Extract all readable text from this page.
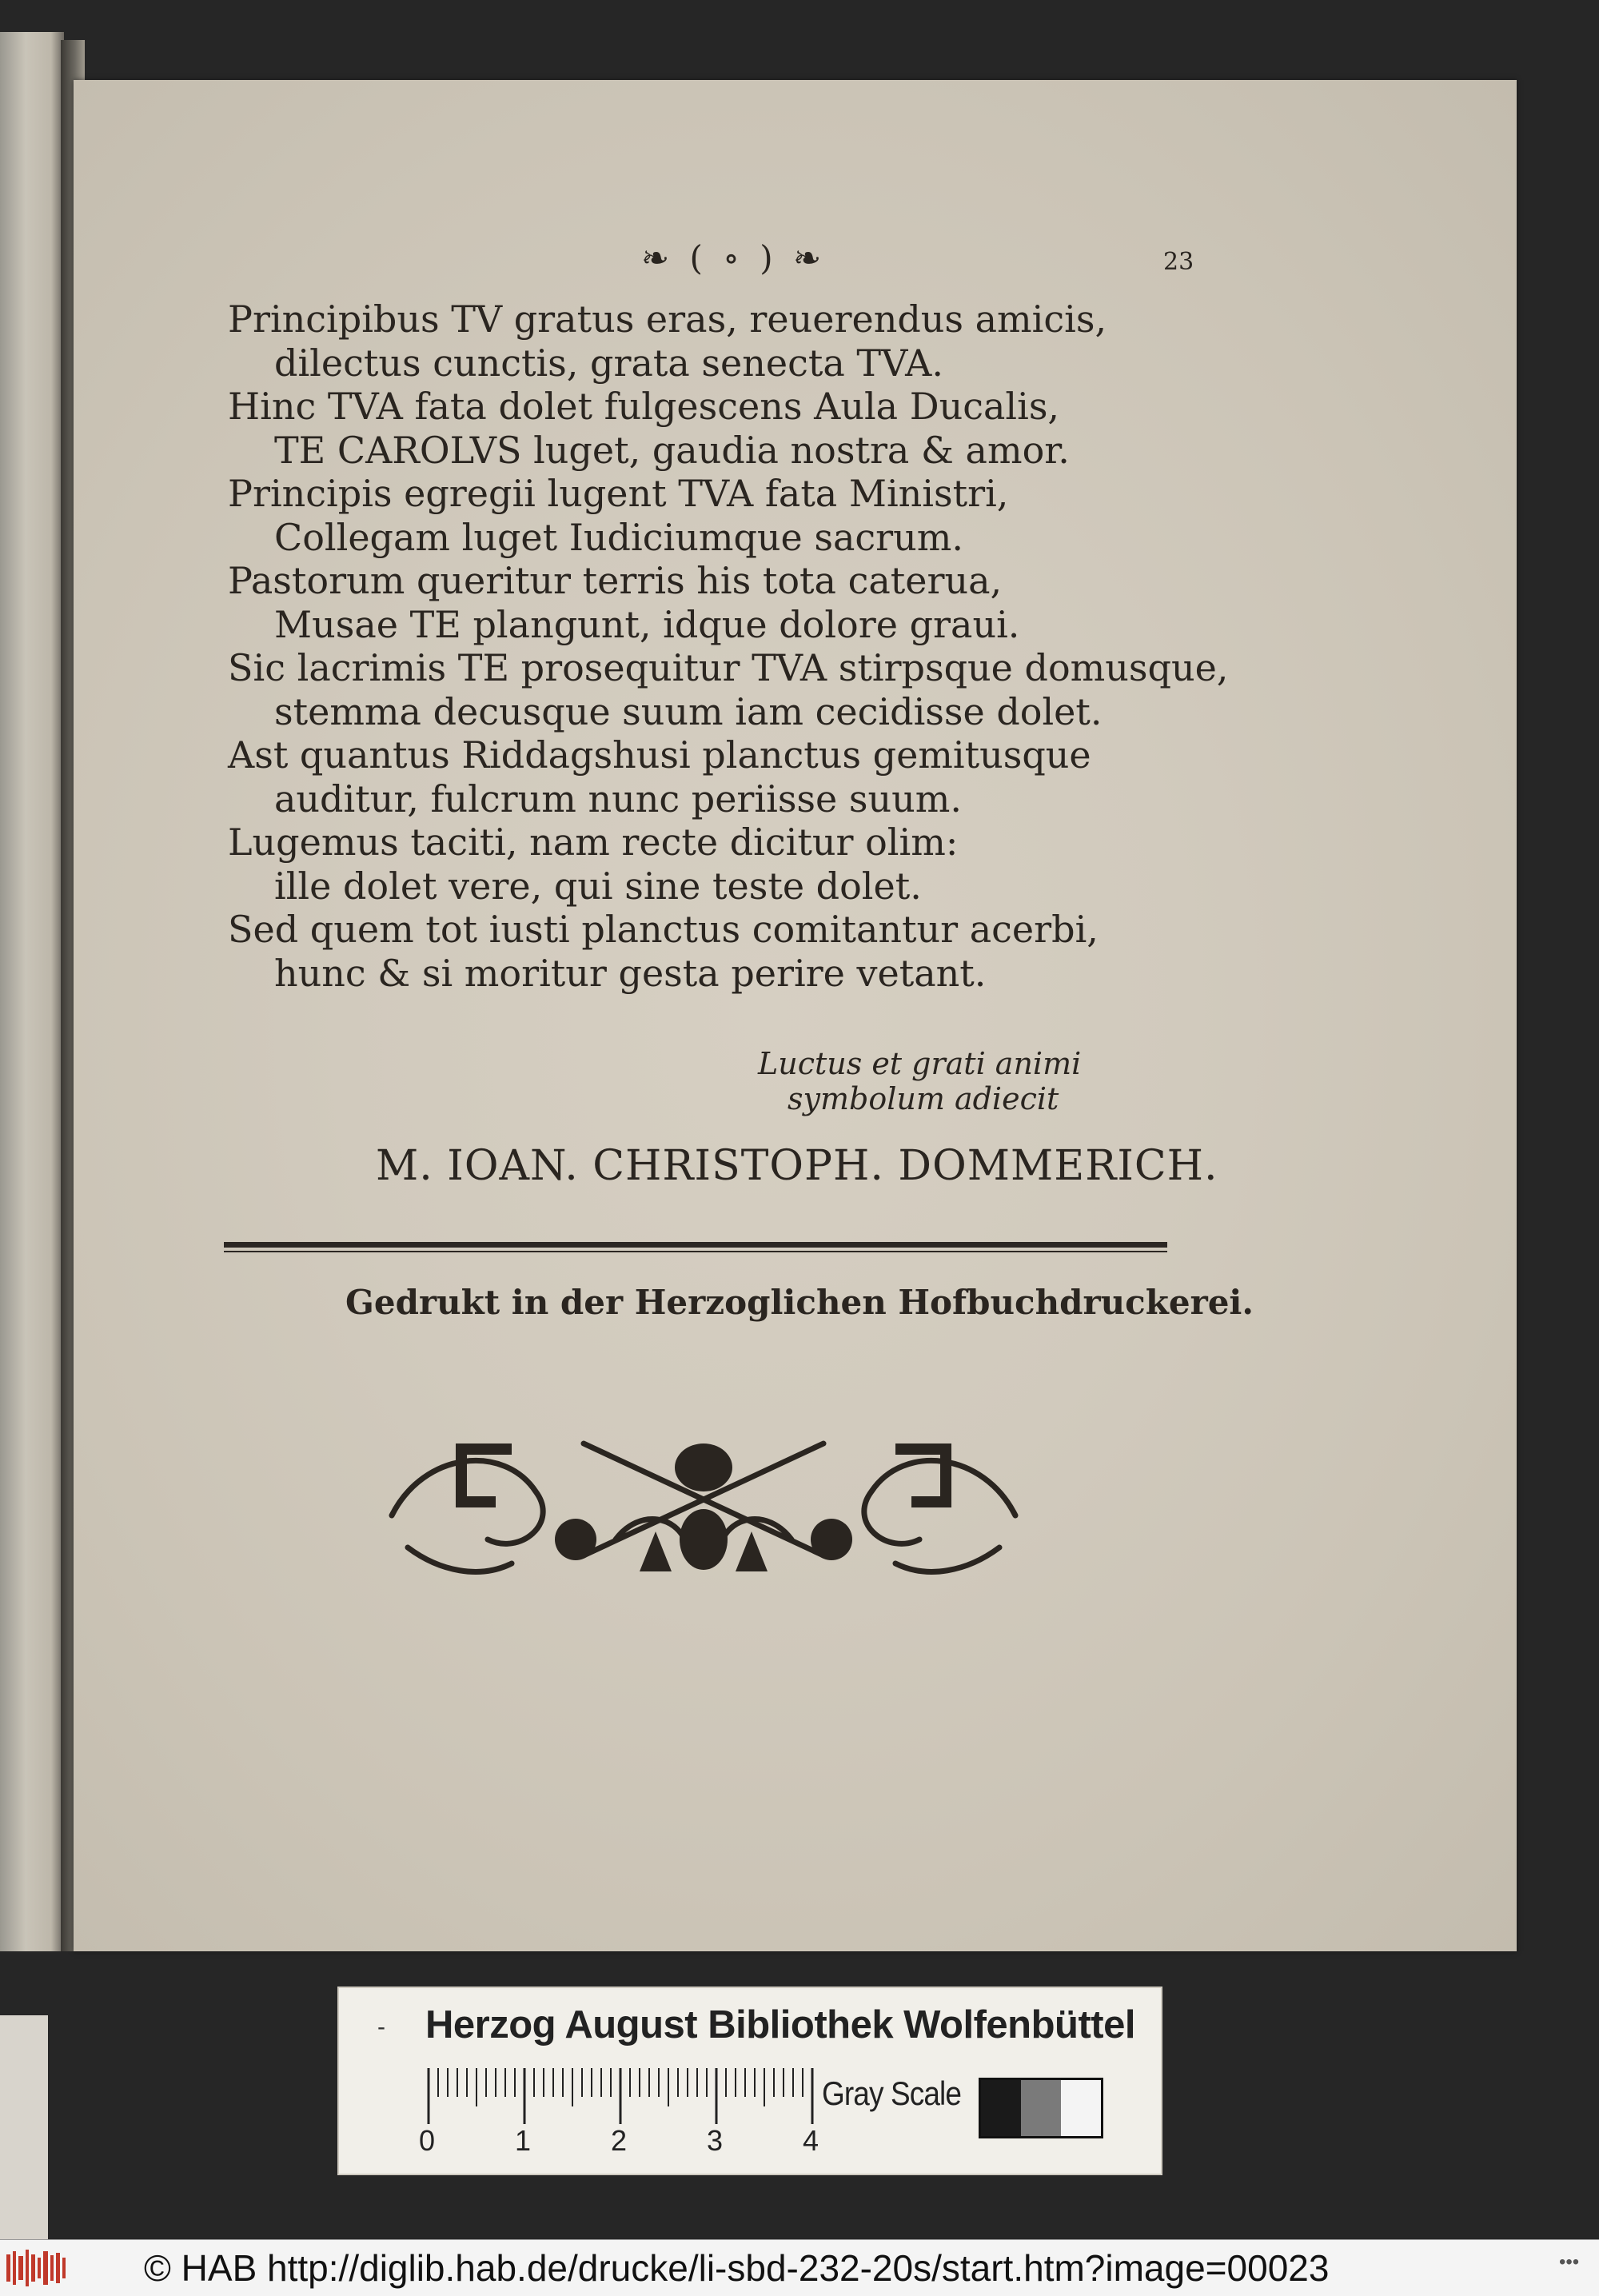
❧ ( ∘ ) ❧	23
Principibus TV gratus eras, reuerendus amicis,
dilectus cunctis, grata senecta TVA.
Hinc TVA fata dolet fulgescens Aula Ducalis,
TE CAROLVS luget, gaudia nostra & amor.
Principis egregii lugent TVA fata Ministri,
Collegam luget Iudiciumque sacrum.
Pastorum queritur terris his tota caterua,
Musae TE plangunt, idque dolore graui.
Sic lacrimis TE prosequitur TVA stirpsque domusque,
stemma decusque suum iam cecidisse dolet.
Ast quantus Riddagshusi planctus gemitusque
auditur, fulcrum nunc periisse suum.
Lugemus taciti, nam recte dicitur olim:
ille dolet vere, qui sine teste dolet.
Sed quem tot iusti planctus comitantur acerbi,
hunc & si moritur gesta perire vetant.
Luctus et grati animi
symbolum adiecit
M. IOAN. CHRISTOPH. DOMMERICH.
Gedrukt in der Herzoglichen Hofbuchdruckerei.
- Herzog August Bibliothek Wolfenbüttel
Gray Scale
0	1	2	3	4
© HAB http://diglib.hab.de/drucke/li-sbd-232-20s/start.htm?image=00023	•••
